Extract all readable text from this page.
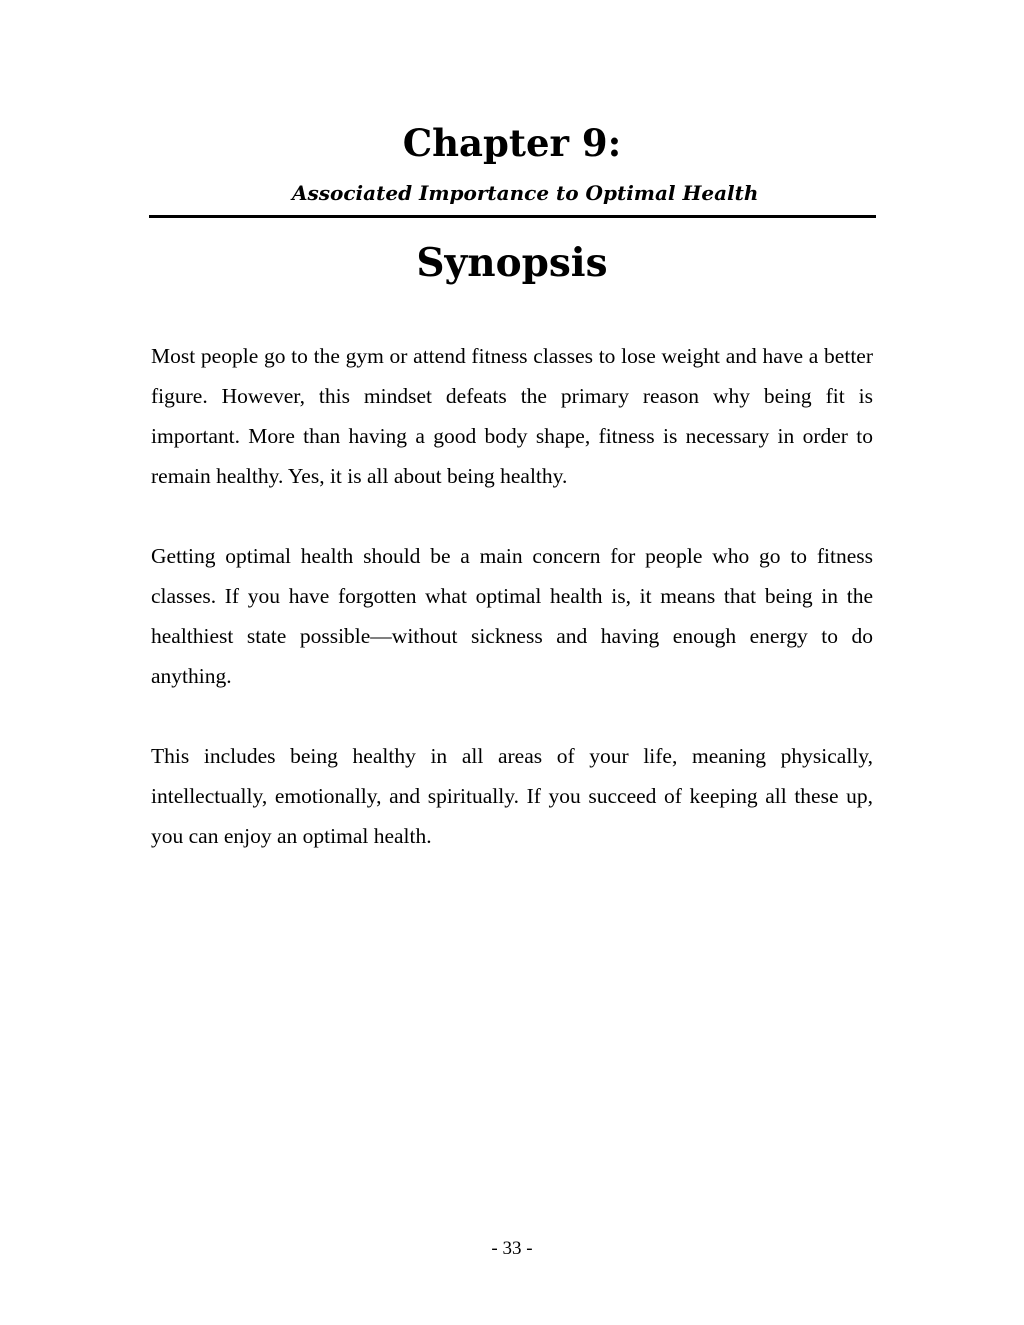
Chapter 9:
Associated Importance to Optimal Health
Synopsis

Most people go to the gym or attend fitness classes to lose weight and have a better figure. However, this mindset defeats the primary reason why being fit is important. More than having a good body shape, fitness is necessary in order to remain healthy. Yes, it is all about being healthy.

Getting optimal health should be a main concern for people who go to fitness classes. If you have forgotten what optimal health is, it means that being in the healthiest state possible—without sickness and having enough energy to do anything.

This includes being healthy in all areas of your life, meaning physically, intellectually, emotionally, and spiritually. If you succeed of keeping all these up, you can enjoy an optimal health.

- 33 -
